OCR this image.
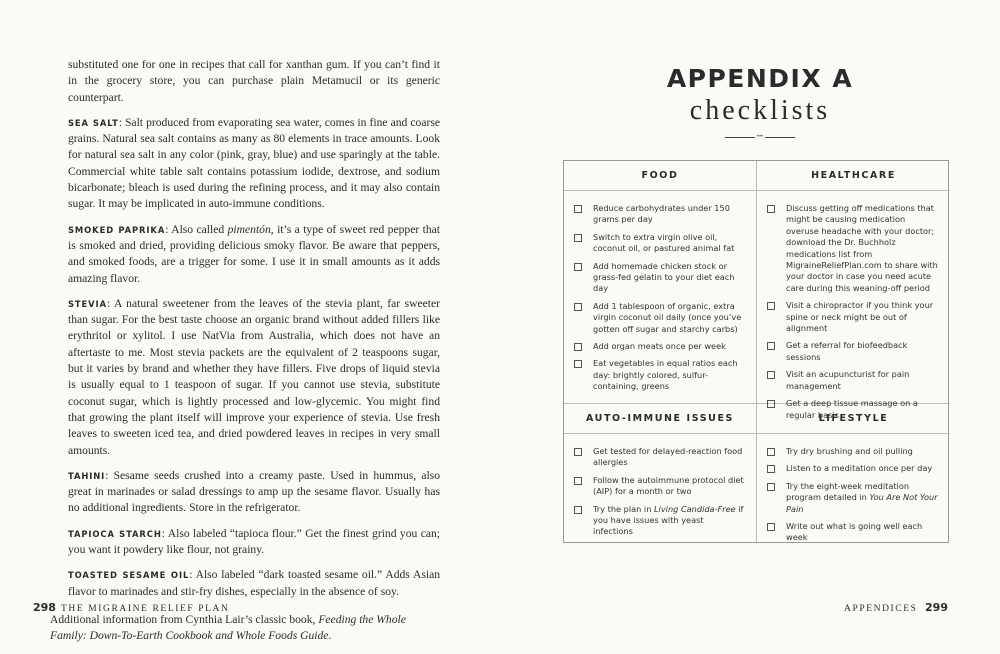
substituted one for one in recipes that call for xanthan gum. If you can’t find it in the grocery store, you can purchase plain Metamucil or its generic counterpart.

SEA SALT: Salt produced from evaporating sea water, comes in fine and coarse grains. Natural sea salt contains as many as 80 elements in trace amounts. Look for natural sea salt in any color (pink, gray, blue) and use sparingly at the table. Commercial white table salt contains potassium iodide, dextrose, and sodium bicarbonate; bleach is used during the refining process, and it may also contain sugar. It may be implicated in auto-immune conditions.

SMOKED PAPRIKA: Also called pimentón, it’s a type of sweet red pepper that is smoked and dried, providing delicious smoky flavor. Be aware that peppers, and smoked foods, are a trigger for some. I use it in small amounts as it adds amazing flavor.

STEVIA: A natural sweetener from the leaves of the stevia plant, far sweeter than sugar. For the best taste choose an organic brand without added fillers like erythritol or xylitol. I use NatVia from Australia, which does not have an aftertaste to me. Most stevia packets are the equivalent of 2 teaspoons sugar, but it varies by brand and whether they have fillers. Five drops of liquid stevia is usually equal to 1 teaspoon of sugar. If you cannot use stevia, substitute coconut sugar, which is lightly processed and low-glycemic. You might find that growing the plant itself will improve your experience of stevia. Use fresh leaves to sweeten iced tea, and dried powdered leaves in recipes in very small amounts.

TAHINI: Sesame seeds crushed into a creamy paste. Used in hummus, also great in marinades or salad dressings to amp up the sesame flavor. Usually has no additional ingredients. Store in the refrigerator.

TAPIOCA STARCH: Also labeled “tapioca flour.” Get the finest grind you can; you want it powdery like flour, not grainy.

TOASTED SESAME OIL: Also labeled “dark toasted sesame oil.” Adds Asian flavor to marinades and stir-fry dishes, especially in the absence of soy.

Additional information from Cynthia Lair’s classic book, Feeding the Whole Family: Down-To-Earth Cookbook and Whole Foods Guide.

298 THE MIGRAINE RELIEF PLAN
APPENDIX A
checklists
•••
FOOD
Reduce carbohydrates under 150 grams per day
Switch to extra virgin olive oil, coconut oil, or pastured animal fat
Add homemade chicken stock or grass-fed gelatin to your diet each day
Add 1 tablespoon of organic, extra virgin coconut oil daily (once you’ve gotten off sugar and starchy carbs)
Add organ meats once per week
Eat vegetables in equal ratios each day: brightly colored, sulfur-containing, greens
HEALTHCARE
Discuss getting off medications that might be causing medication overuse headache with your doctor; download the Dr. Buchholz medications list from MigraineReliefPlan.com to share with your doctor in case you need acute care during this weaning-off period
Visit a chiropractor if you think your spine or neck might be out of alignment
Get a referral for biofeedback sessions
Visit an acupuncturist for pain management
Get a deep tissue massage on a regular basis
AUTO-IMMUNE ISSUES
Get tested for delayed-reaction food allergies
Follow the autoimmune protocol diet (AIP) for a month or two
Try the plan in Living Candida-Free if you have issues with yeast infections
LIFESTYLE
Try dry brushing and oil pulling
Listen to a meditation once per day
Try the eight-week meditation program detailed in You Are Not Your Pain
Write out what is going well each week
APPENDICES 299
